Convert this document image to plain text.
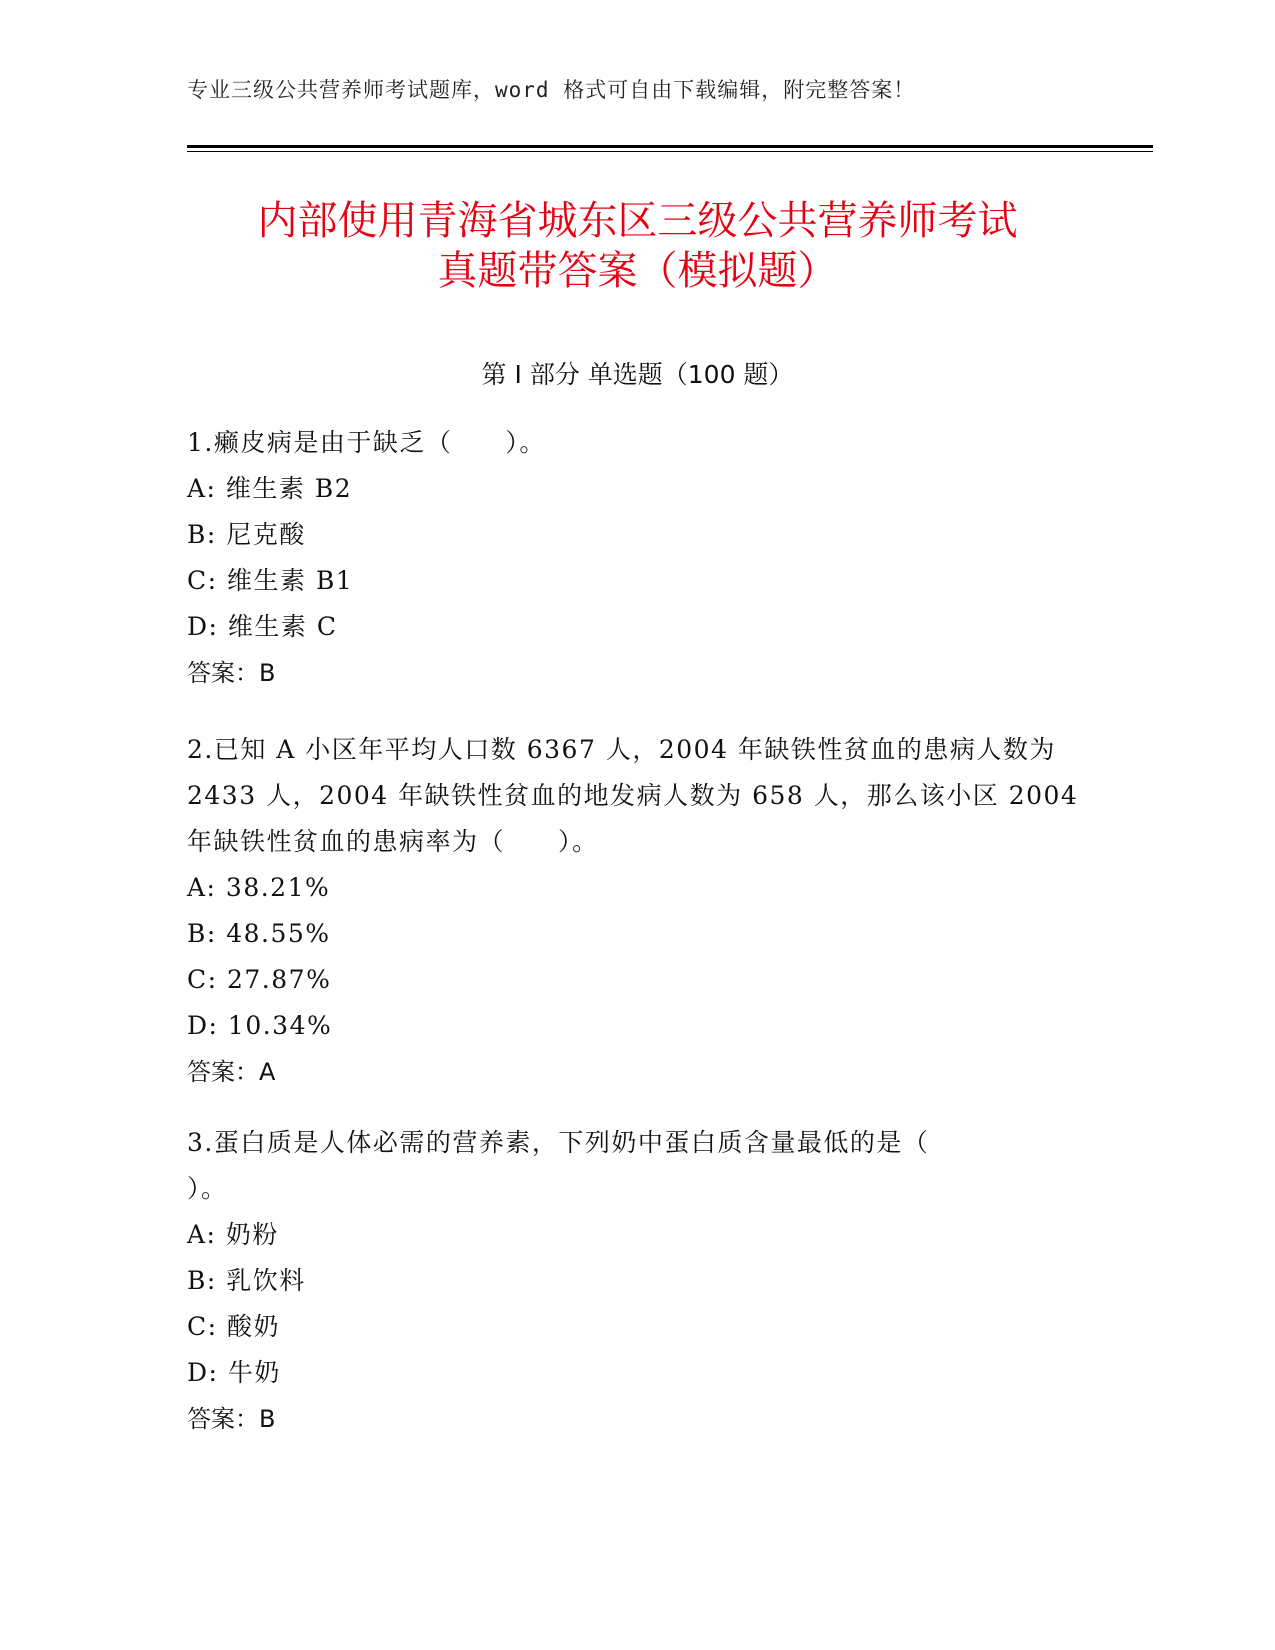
专业三级公共营养师考试题库，word 格式可自由下载编辑，附完整答案！
内部使用青海省城东区三级公共营养师考试
真题带答案（模拟题）
第 I 部分 单选题（100 题）

1.癞皮病是由于缺乏（　　）。

A: 维生素 B2

B: 尼克酸

C: 维生素 B1

D: 维生素 C

答案：B

2.已知 A 小区年平均人口数 6367 人，2004 年缺铁性贫血的患病人数为

2433 人，2004 年缺铁性贫血的地发病人数为 658 人，那么该小区 2004

年缺铁性贫血的患病率为（　　）。

A: 38.21%

B: 48.55%

C: 27.87%

D: 10.34%

答案：A

3.蛋白质是人体必需的营养素，下列奶中蛋白质含量最低的是（

）。

A: 奶粉

B: 乳饮料

C: 酸奶

D: 牛奶

答案：B
